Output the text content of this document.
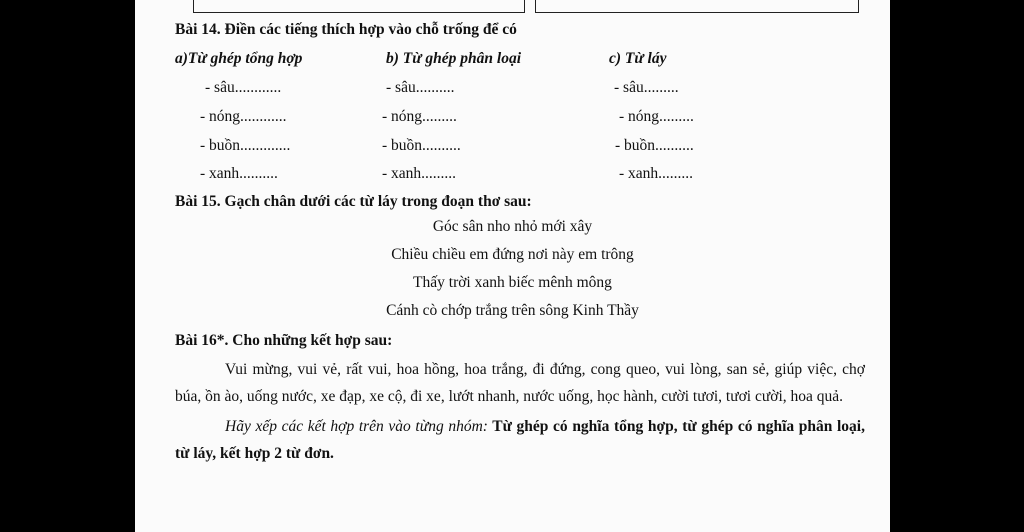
Bài 14. Điền các tiếng thích hợp vào chỗ trống để có
a)Từ ghép tổng hợp	b) Từ ghép phân loại	c) Từ láy
- sâu............
- nóng............
- buồn.............
- xanh..........
- sâu..........
- nóng.........
- buồn..........
- xanh.........
- sâu.........
- nóng.........
- buồn..........
- xanh.........
Bài 15. Gạch chân dưới các từ láy trong đoạn thơ sau:
Góc sân nho nhỏ mới xây
Chiều chiều em đứng nơi này em trông
Thấy trời xanh biếc mênh mông
Cánh cò chớp trắng trên sông Kinh Thầy
Bài 16*. Cho những kết hợp sau:

Vui mừng, vui vẻ, rất vui, hoa hồng, hoa trắng, đi đứng, cong queo, vui lòng, san sẻ, giúp việc, chợ búa, ồn ào, uống nước, xe đạp, xe cộ, đi xe, lướt nhanh, nước uống, học hành, cười tươi, tươi cười, hoa quả.

Hãy xếp các kết hợp trên vào từng nhóm: Từ ghép có nghĩa tổng hợp, từ ghép có nghĩa phân loại, từ láy, kết hợp 2 từ đơn.
